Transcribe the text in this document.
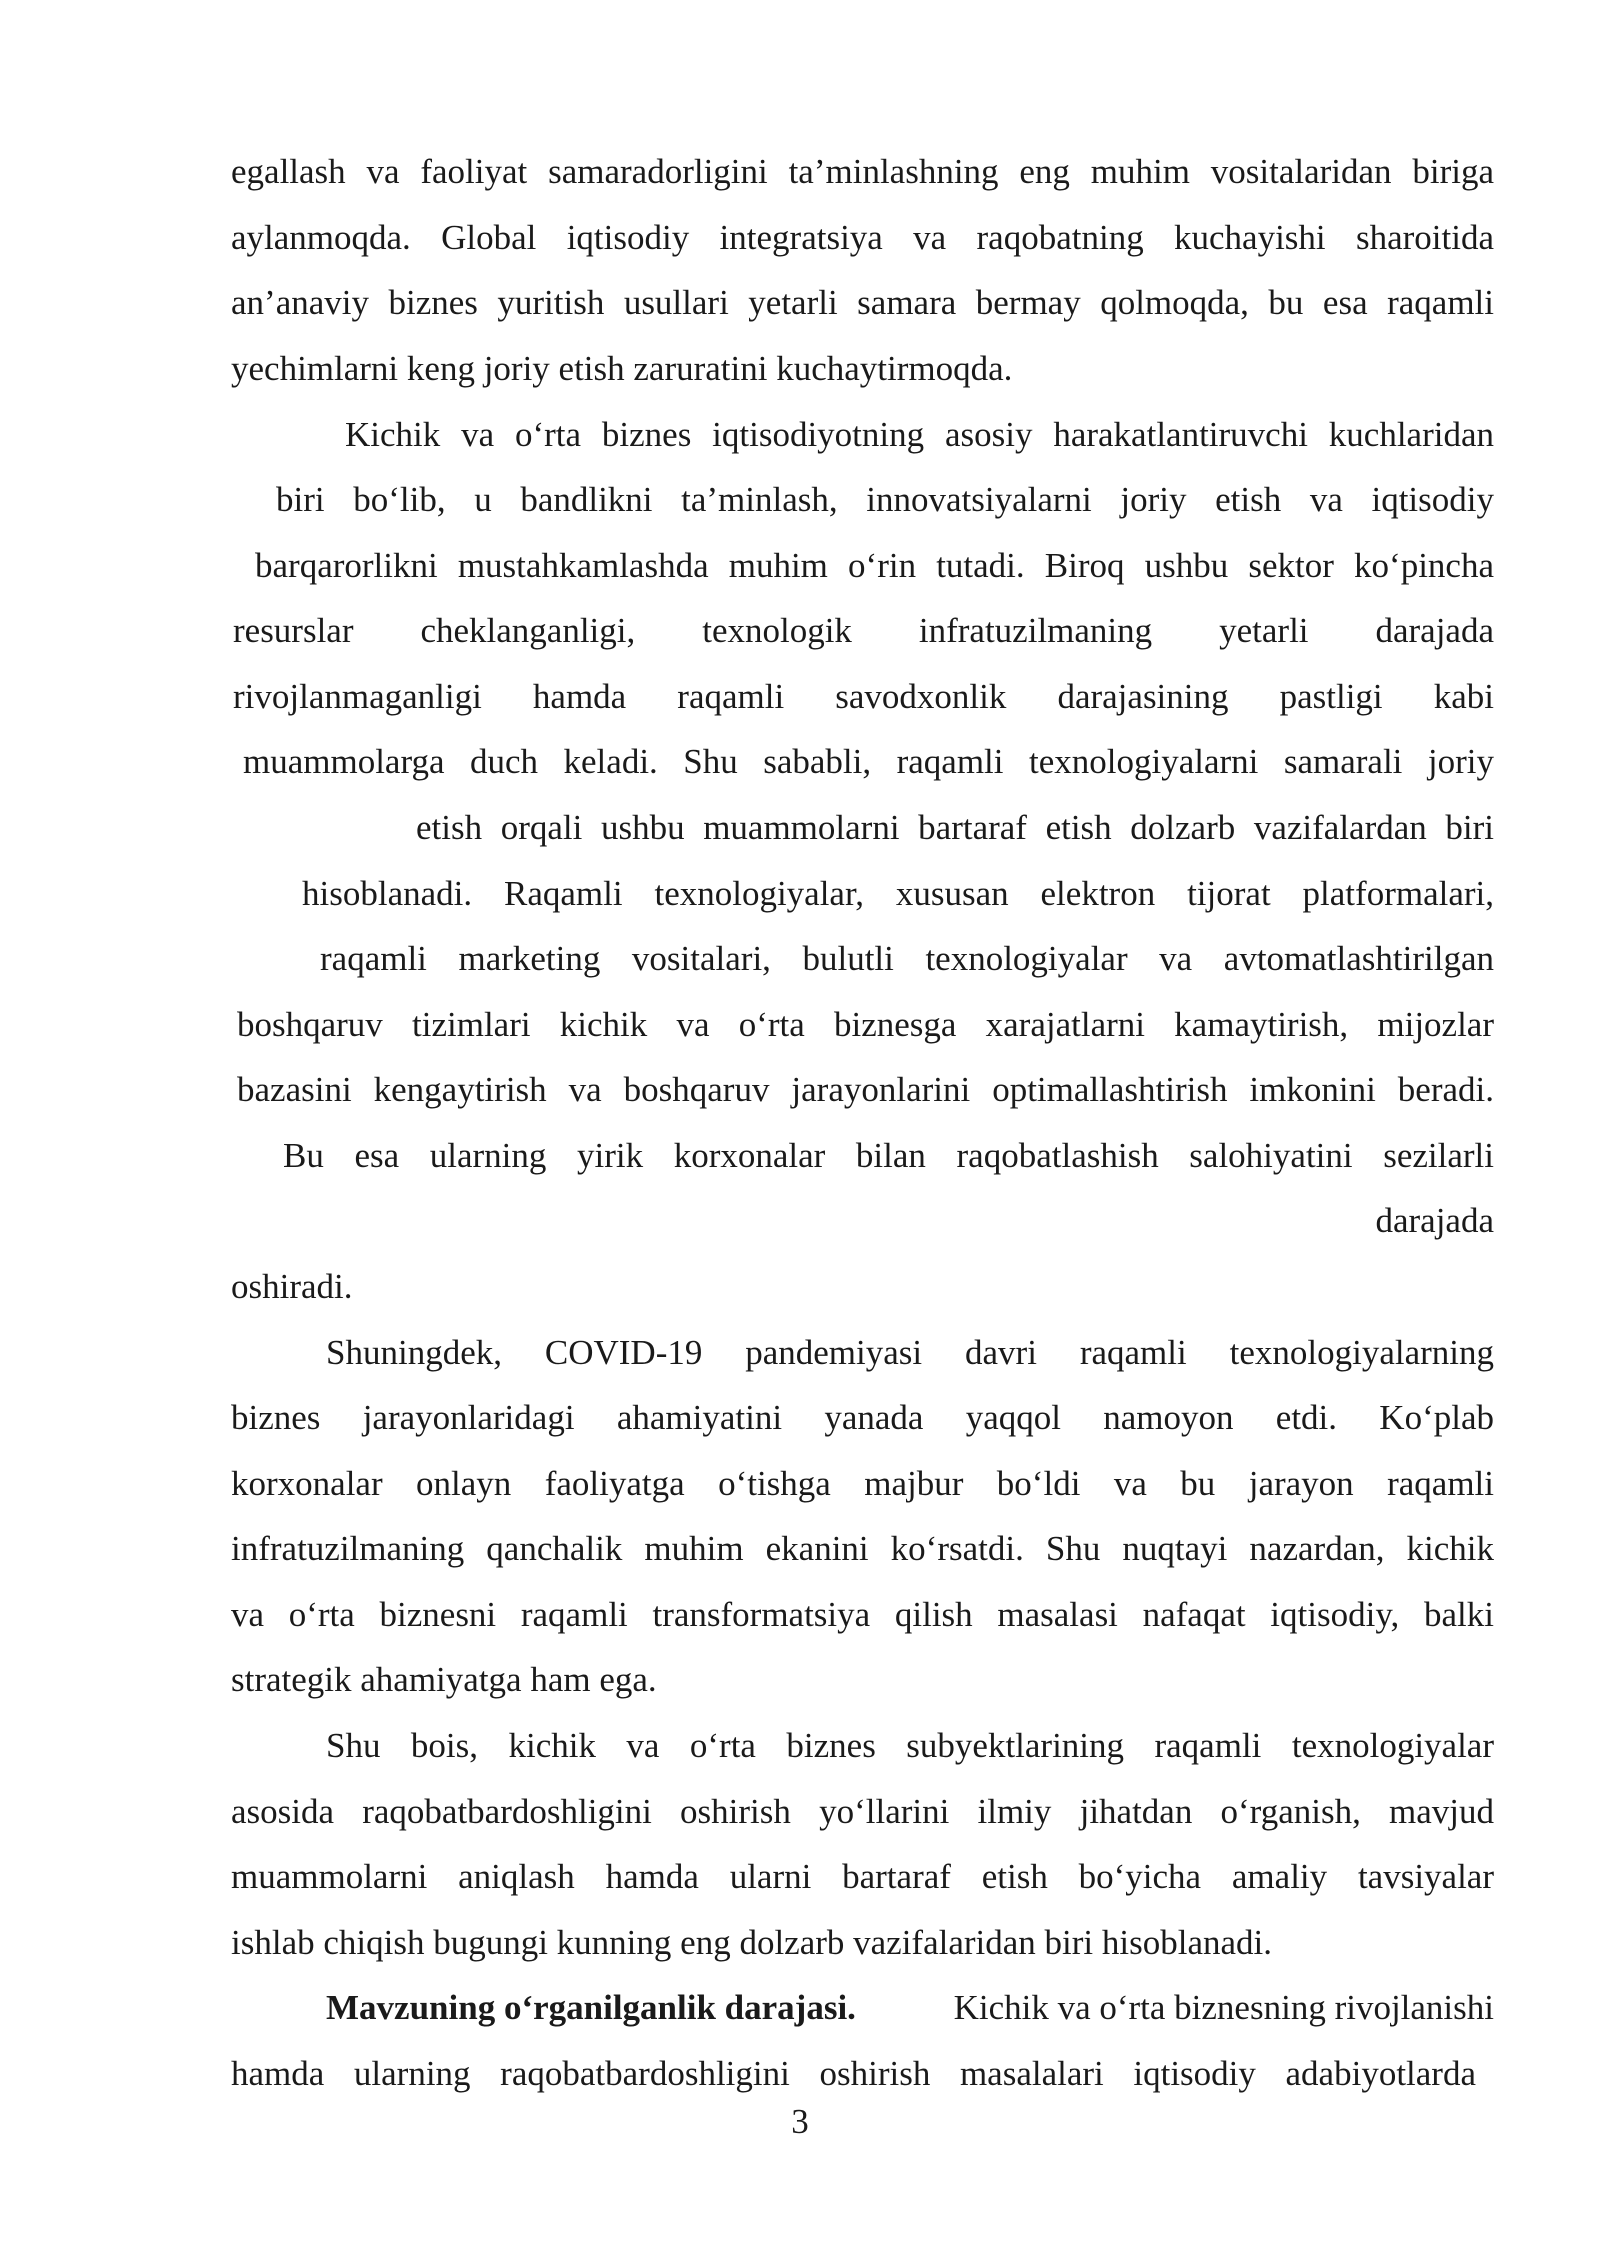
egallash va faoliyat samaradorligini ta’minlashning eng muhim vositalaridan biriga

aylanmoqda. Global iqtisodiy integratsiya va raqobatning kuchayishi sharoitida

an’anaviy biznes yuritish usullari yetarli samara bermay qolmoqda, bu esa raqamli

yechimlarni keng joriy etish zaruratini kuchaytirmoqda.

Kichik va o‘rta biznes iqtisodiyotning asosiy harakatlantiruvchi kuchlaridan

biri bo‘lib, u bandlikni ta’minlash, innovatsiyalarni joriy etish va iqtisodiy

barqarorlikni mustahkamlashda muhim o‘rin tutadi. Biroq ushbu sektor ko‘pincha

resurslar cheklanganligi, texnologik infratuzilmaning yetarli darajada

rivojlanmaganligi hamda raqamli savodxonlik darajasining pastligi kabi

muammolarga duch keladi. Shu sababli, raqamli texnologiyalarni samarali joriy

etish orqali ushbu muammolarni bartaraf etish dolzarb vazifalardan biri

hisoblanadi. Raqamli texnologiyalar, xususan elektron tijorat platformalari,

raqamli marketing vositalari, bulutli texnologiyalar va avtomatlashtirilgan

boshqaruv tizimlari kichik va o‘rta biznesga xarajatlarni kamaytirish, mijozlar

bazasini kengaytirish va boshqaruv jarayonlarini optimallashtirish imkonini beradi.

Bu esa ularning yirik korxonalar bilan raqobatlashish salohiyatini sezilarli

darajada

oshiradi.

Shuningdek, COVID-19 pandemiyasi davri raqamli texnologiyalarning

biznes jarayonlaridagi ahamiyatini yanada yaqqol namoyon etdi. Ko‘plab

korxonalar onlayn faoliyatga o‘tishga majbur bo‘ldi va bu jarayon raqamli

infratuzilmaning qanchalik muhim ekanini ko‘rsatdi. Shu nuqtayi nazardan, kichik

va o‘rta biznesni raqamli transformatsiya qilish masalasi nafaqat iqtisodiy, balki

strategik ahamiyatga ham ega.

Shu bois, kichik va o‘rta biznes subyektlarining raqamli texnologiyalar

asosida raqobatbardoshligini oshirish yo‘llarini ilmiy jihatdan o‘rganish, mavjud

muammolarni aniqlash hamda ularni bartaraf etish bo‘yicha amaliy tavsiyalar

ishlab chiqish bugungi kunning eng dolzarb vazifalaridan biri hisoblanadi.

Mavzuning o‘rganilganlik darajasi.	Kichik va o‘rta biznesning rivojlanishi

hamda ularning raqobatbardoshligini oshirish masalalari iqtisodiy adabiyotlarda

3
